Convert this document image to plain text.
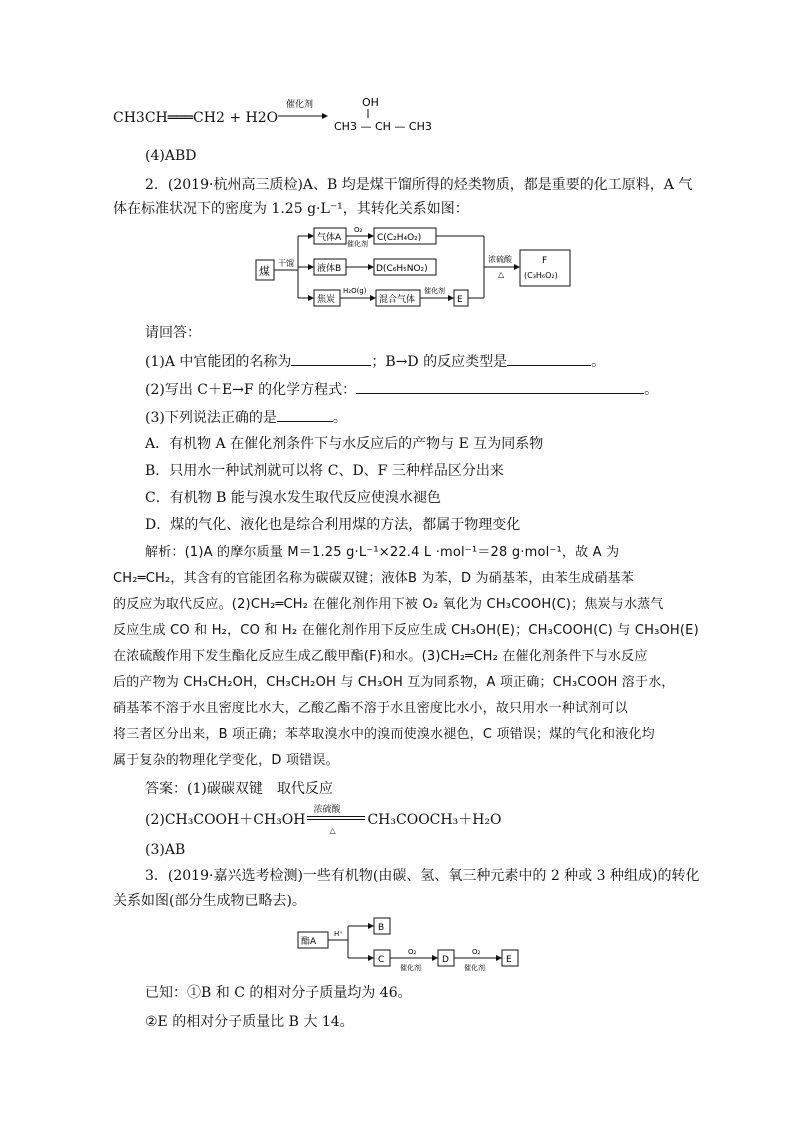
CH3CH═══CH2 + H2O
催化剂	OH
CH3 — CH — CH3
(4)ABD
2．(2019·杭州高三质检)A、B 均是煤干馏所得的烃类物质，都是重要的化工原料，A 气
体在标准状况下的密度为 1.25 g·L⁻¹，其转化关系如图：
煤
干馏
气体A
O₂
催化剂
C(C₂H₄O₂)
液体B	D(C₆H₅NO₂)
焦炭
H₂O(g)
混合气体
催化剂
E
浓硫酸
△
F
(C₃H₆O₂)
请回答：
(1)A 中官能团的名称为	；B→D 的反应类型是	。
(2)写出 C＋E→F 的化学方程式：	。
(3)下列说法正确的是	。
A．有机物 A 在催化剂条件下与水反应后的产物与 E 互为同系物
B．只用水一种试剂就可以将 C、D、F 三种样品区分出来
C．有机物 B 能与溴水发生取代反应使溴水褪色
D．煤的气化、液化也是综合利用煤的方法，都属于物理变化
解析：(1)A 的摩尔质量 M＝1.25 g·L⁻¹×22.4 L ·mol⁻¹＝28 g·mol⁻¹，故 A 为
CH₂═CH₂，其含有的官能团名称为碳碳双键；液体B 为苯，D 为硝基苯，由苯生成硝基苯
的反应为取代反应。(2)CH₂═CH₂ 在催化剂作用下被 O₂ 氧化为 CH₃COOH(C)；焦炭与水蒸气
反应生成 CO 和 H₂，CO 和 H₂ 在催化剂作用下反应生成 CH₃OH(E)；CH₃COOH(C) 与 CH₃OH(E)
在浓硫酸作用下发生酯化反应生成乙酸甲酯(F)和水。(3)CH₂═CH₂ 在催化剂条件下与水反应
后的产物为 CH₃CH₂OH，CH₃CH₂OH 与 CH₃OH 互为同系物，A 项正确；CH₃COOH 溶于水，
硝基苯不溶于水且密度比水大，乙酸乙酯不溶于水且密度比水小，故只用水一种试剂可以
将三者区分出来，B 项正确；苯萃取溴水中的溴而使溴水褪色，C 项错误；煤的气化和液化均
属于复杂的物理化学变化，D 项错误。
答案：(1)碳碳双键　取代反应
(2)CH₃COOH＋CH₃OH
浓硫酸
△
CH₃COOCH₃＋H₂O
(3)AB
3．(2019·嘉兴选考检测)一些有机物(由碳、氢、氧三种元素中的 2 种或 3 种组成)的转化
关系如图(部分生成物已略去)。
酯A
H⁺
B
C
O₂
催化剂
D
O₂
催化剂
E
已知：①B 和 C 的相对分子质量均为 46。
②E 的相对分子质量比 B 大 14。
